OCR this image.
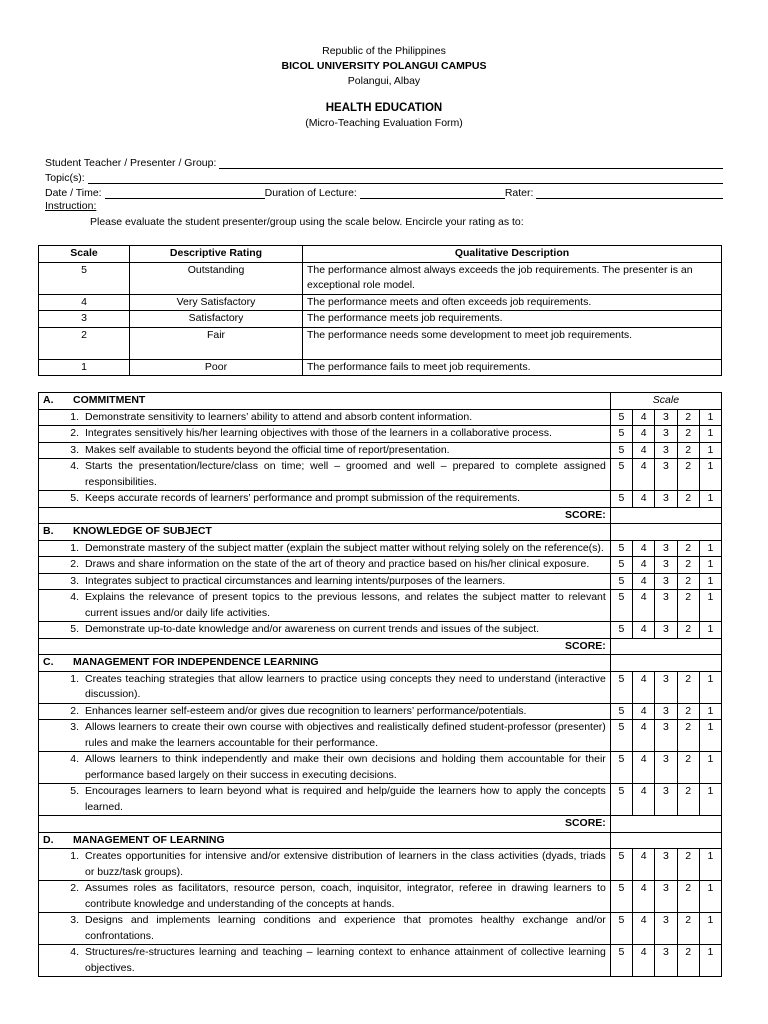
Republic of the Philippines
BICOL UNIVERSITY POLANGUI CAMPUS
Polangui, Albay
HEALTH EDUCATION
(Micro-Teaching Evaluation Form)
Student Teacher / Presenter / Group:
Topic(s):
Date / Time:	Duration of Lecture:	Rater:
Instruction:
Please evaluate the student presenter/group using the scale below. Encircle your rating as to:
Scale	Descriptive Rating	Qualitative Description
5	Outstanding	The performance almost always exceeds the job requirements. The presenter is an exceptional role model.
4	Very Satisfactory	The performance meets and often exceeds job requirements.
3	Satisfactory	The performance meets job requirements.
2	Fair	The performance needs some development to meet job requirements.
1	Poor	The performance fails to meet job requirements.
A. COMMITMENT	Scale				

1. Demonstrate sensitivity to learners’ ability to attend and absorb content information.	5	4	3	2	1

2. Integrates sensitively his/her learning objectives with those of the learners in a collaborative process.	5	4	3	2	1

3. Makes self available to students beyond the official time of report/presentation.	5	4	3	2	1

4. Starts the presentation/lecture/class on time; well – groomed and well – prepared to complete assigned responsibilities.	5	4	3	2	1

5. Keeps accurate records of learners’ performance and prompt submission of the requirements.	5	4	3	2	1
SCORE:					
B. KNOWLEDGE OF SUBJECT					

1. Demonstrate mastery of the subject matter (explain the subject matter without relying solely on the reference(s).	5	4	3	2	1

2. Draws and share information on the state of the art of theory and practice based on his/her clinical exposure.	5	4	3	2	1

3. Integrates subject to practical circumstances and learning intents/purposes of the learners.	5	4	3	2	1

4. Explains the relevance of present topics to the previous lessons, and relates the subject matter to relevant current issues and/or daily life activities.	5	4	3	2	1

5. Demonstrate up-to-date knowledge and/or awareness on current trends and issues of the subject.	5	4	3	2	1
SCORE:					
C. MANAGEMENT FOR INDEPENDENCE LEARNING					

1. Creates teaching strategies that allow learners to practice using concepts they need to understand (interactive discussion).	5	4	3	2	1

2. Enhances learner self-esteem and/or gives due recognition to learners’ performance/potentials.	5	4	3	2	1

3. Allows learners to create their own course with objectives and realistically defined student-professor (presenter) rules and make the learners accountable for their performance.	5	4	3	2	1

4. Allows learners to think independently and make their own decisions and holding them accountable for their performance based largely on their success in executing decisions.	5	4	3	2	1

5. Encourages learners to learn beyond what is required and help/guide the learners how to apply the concepts learned.	5	4	3	2	1
SCORE:					
D. MANAGEMENT OF LEARNING					

1. Creates opportunities for intensive and/or extensive distribution of learners in the class activities (dyads, triads or buzz/task groups).	5	4	3	2	1

2. Assumes roles as facilitators, resource person, coach, inquisitor, integrator, referee in drawing learners to contribute knowledge and understanding of the concepts at hands.	5	4	3	2	1

3. Designs and implements learning conditions and experience that promotes healthy exchange and/or confrontations.	5	4	3	2	1

4. Structures/re-structures learning and teaching – learning context to enhance attainment of collective learning objectives.	5	4	3	2	1
